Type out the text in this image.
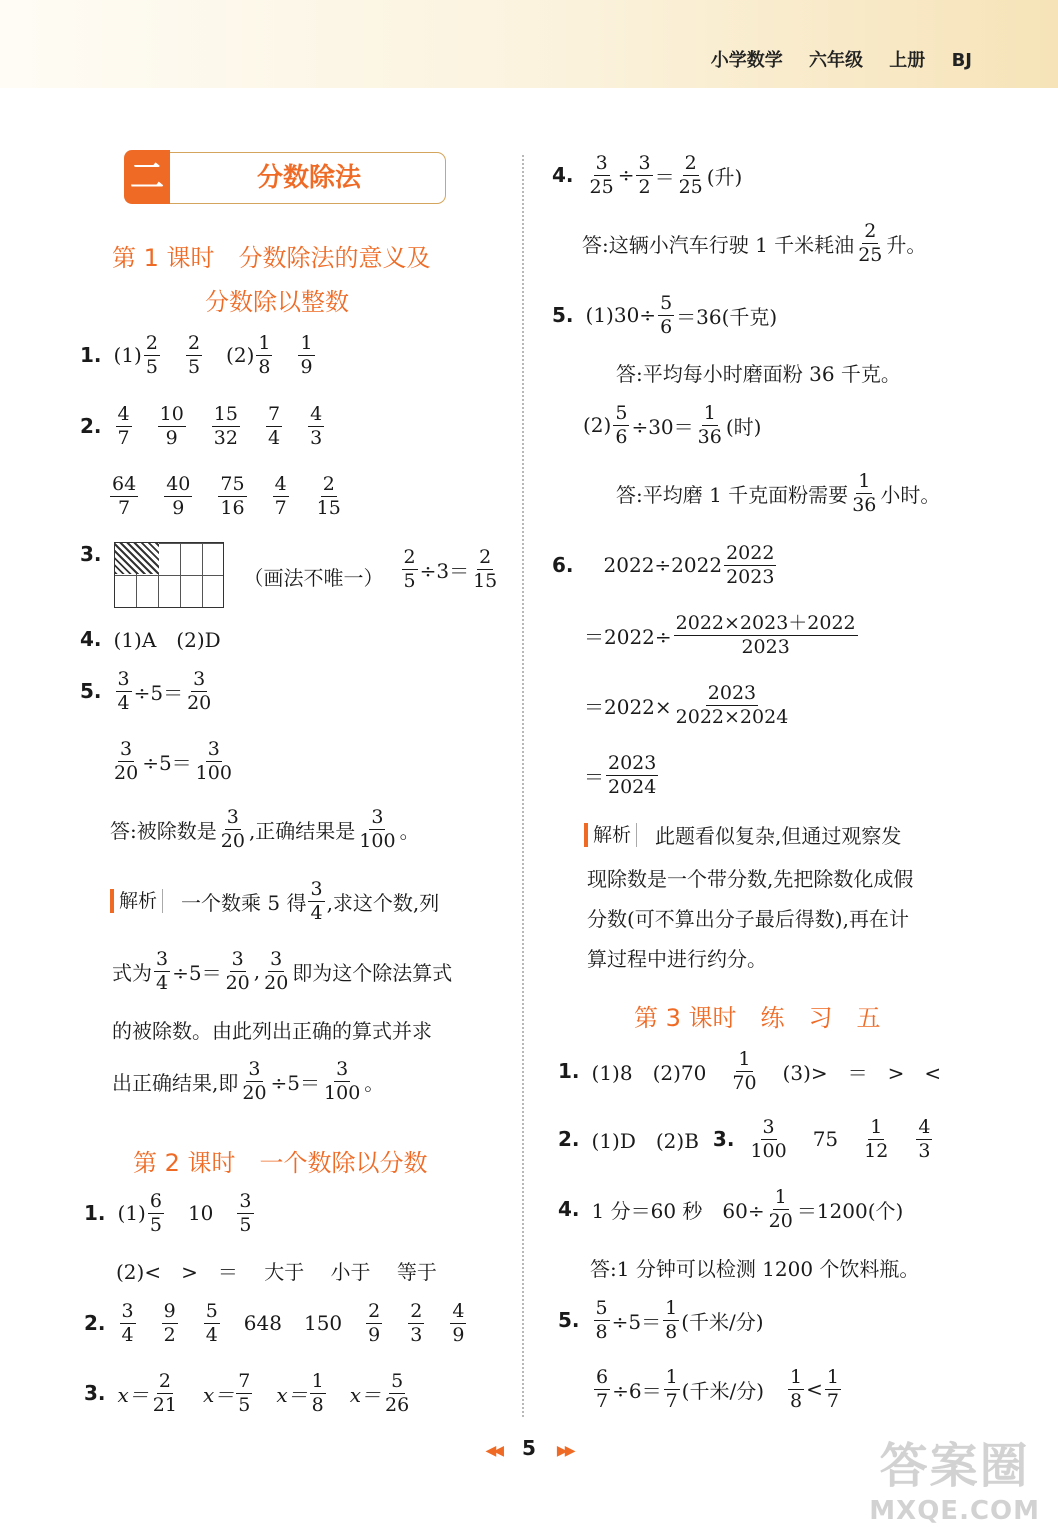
小学数学 六年级 上册 BJ
二	分数除法
第 1 课时　分数除法的意义及
分数除以整数
1. $(1) \frac{2}{5} \frac{2}{5} (2) \frac{1}{8} \frac{1}{9}$
2. $\frac{4}{7} \frac{10}{9} \frac{15}{32} \frac{7}{4} \frac{4}{3}$
$\frac{64}{7} \frac{40}{9} \frac{75}{16} \frac{4}{7} \frac{2}{15}$
3.
（画法不唯一） $\frac{2}{5} \div 3= \frac{2}{15}$
4. (1)A　(2)D
5. $\frac{3}{4} \div 5= \frac{3}{20}$
$\frac{3}{20} \div 5= \frac{3}{100}$
答:被除数是 $\frac{3}{20}$ ,正确结果是 $\frac{3}{100}$ 。
解析	一个数乘 5 得 $\frac{3}{4}$ ,求这个数,列
式为 $\frac{3}{4} \div 5= \frac{3}{20}$ , $\frac{3}{20}$ 即为这个除法算式
的被除数。由此列出正确的算式并求
出正确结果,即 $\frac{3}{20} \div 5= \frac{3}{100}$ 。
第 2 课时　一个数除以分数
1. $(1) \frac{6}{5} 10 \frac{3}{5}$
(2)<　>　＝　 大于　 小于　 等于
2. $\frac{3}{4} \frac{9}{2} \frac{5}{4} 648$ $150 \frac{2}{9} \frac{2}{3} \frac{4}{9}$
3. $x= \frac{2}{21} x= \frac{7}{5} x= \frac{1}{8} x= \frac{5}{26}$
4. $\frac{3}{25} \div \frac{3}{2} = \frac{2}{25}$ (升)
答:这辆小汽车行驶 1 千米耗油 $\frac{2}{25}$ 升。
5. $(1)30\div \frac{5}{6} =36$(千克)
答:平均每小时磨面粉 36 千克。
$(2) \frac{5}{6} \div 30= \frac{1}{36}$ (时)
答:平均磨 1 千克面粉需要 $\frac{1}{36}$ 小时。
6. $2022\div 2022 \frac{2022}{2023}$
$=2022\div \frac{2022\times 2023+2022}{2023}$
$=2022\times \frac{2023}{2022\times 2024}$
＝ $\frac{2023}{2024}$
解析	此题看似复杂,但通过观察发
现除数是一个带分数,先把除数化成假
分数(可不算出分子最后得数),再在计
算过程中进行约分。
第 3 课时　练　习　五
1. (1)8　$(2)70 \frac{1}{70} (3)>$　＝　>　<
2. (1)D　(2)B 3. $\frac{3}{100} 75 \frac{1}{12} \frac{4}{3}$
4. 1 分＝60 秒　$60\div \frac{1}{20} =1200$(个)
答:1 分钟可以检测 1200 个饮料瓶。
5. $\frac{5}{8} \div 5= \frac{1}{8}$ (千米/分)
$\frac{6}{7} \div 6= \frac{1}{7}$ (千米/分) $\frac{1}{8} < \frac{1}{7}$
◀◀ 5 ▶▶	答案圈
MXQE.COM
